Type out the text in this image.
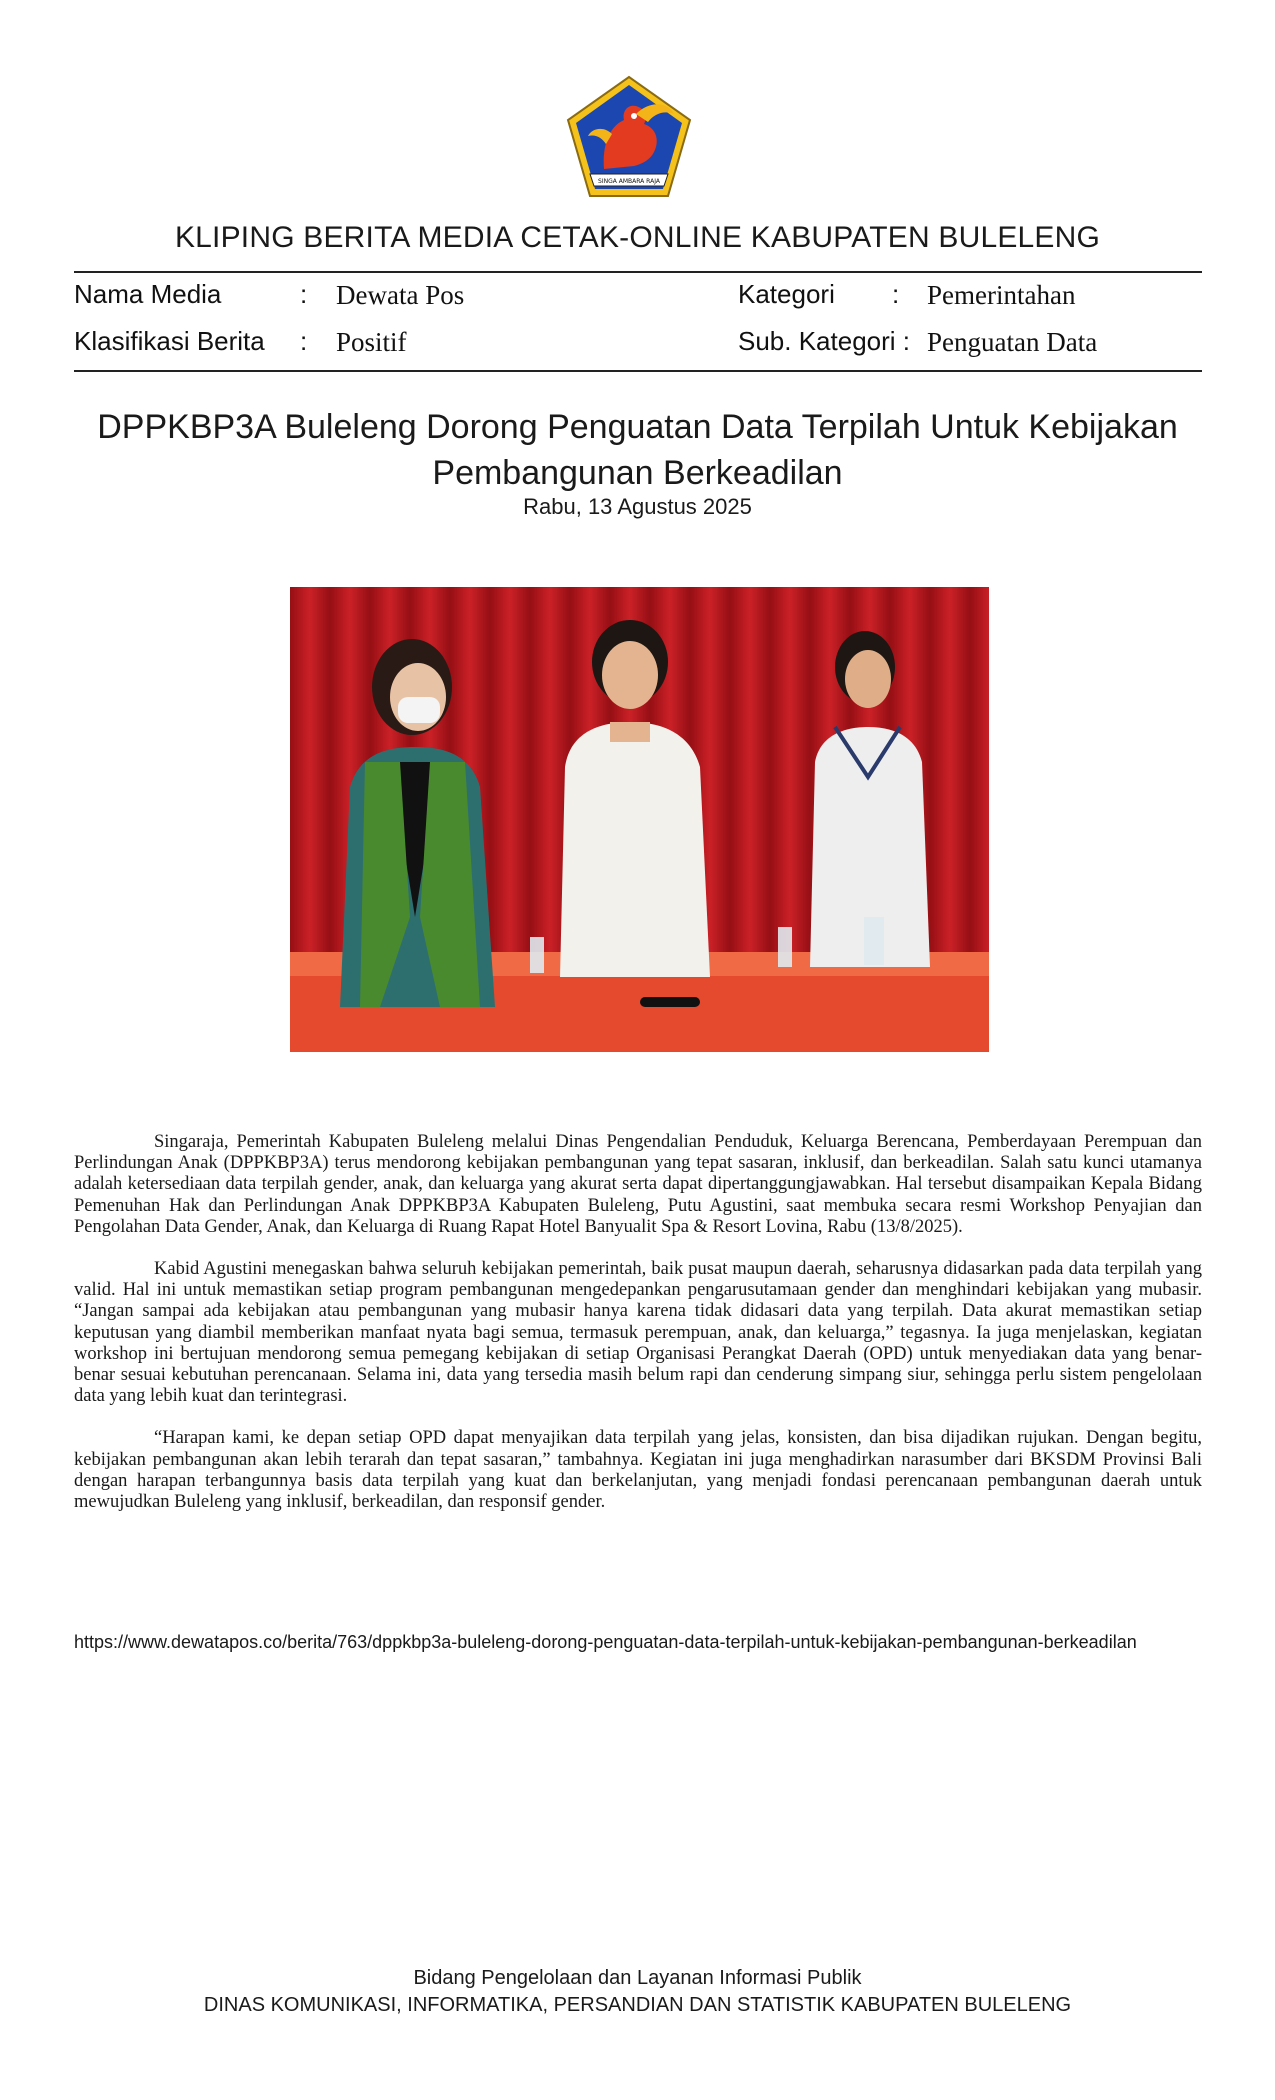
SINGA AMBARA RAJA
KLIPING BERITA MEDIA CETAK-ONLINE KABUPATEN BULELENG
Nama Media	: Dewata Pos	Kategori : Pemerintahan
Klasifikasi Berita : Positif	Sub. Kategori : Penguatan Data
DPPKBP3A Buleleng Dorong Penguatan Data Terpilah Untuk Kebijakan Pembangunan Berkeadilan
Rabu, 13 Agustus 2025

Singaraja, Pemerintah Kabupaten Buleleng melalui Dinas Pengendalian Penduduk, Keluarga Berencana, Pemberdayaan Perempuan dan Perlindungan Anak (DPPKBP3A) terus mendorong kebijakan pembangunan yang tepat sasaran, inklusif, dan berkeadilan. Salah satu kunci utamanya adalah ketersediaan data terpilah gender, anak, dan keluarga yang akurat serta dapat dipertanggungjawabkan. Hal tersebut disampaikan Kepala Bidang Pemenuhan Hak dan Perlindungan Anak DPPKBP3A Kabupaten Buleleng, Putu Agustini, saat membuka secara resmi Workshop Penyajian dan Pengolahan Data Gender, Anak, dan Keluarga di Ruang Rapat Hotel Banyualit Spa & Resort Lovina, Rabu (13/8/2025).

Kabid Agustini menegaskan bahwa seluruh kebijakan pemerintah, baik pusat maupun daerah, seharusnya didasarkan pada data terpilah yang valid. Hal ini untuk memastikan setiap program pembangunan mengedepankan pengarusutamaan gender dan menghindari kebijakan yang mubasir. “Jangan sampai ada kebijakan atau pembangunan yang mubasir hanya karena tidak didasari data yang terpilah. Data akurat memastikan setiap keputusan yang diambil memberikan manfaat nyata bagi semua, termasuk perempuan, anak, dan keluarga,” tegasnya. Ia juga menjelaskan, kegiatan workshop ini bertujuan mendorong semua pemegang kebijakan di setiap Organisasi Perangkat Daerah (OPD) untuk menyediakan data yang benar-benar sesuai kebutuhan perencanaan. Selama ini, data yang tersedia masih belum rapi dan cenderung simpang siur, sehingga perlu sistem pengelolaan data yang lebih kuat dan terintegrasi.

“Harapan kami, ke depan setiap OPD dapat menyajikan data terpilah yang jelas, konsisten, dan bisa dijadikan rujukan. Dengan begitu, kebijakan pembangunan akan lebih terarah dan tepat sasaran,” tambahnya. Kegiatan ini juga menghadirkan narasumber dari BKSDM Provinsi Bali dengan harapan terbangunnya basis data terpilah yang kuat dan berkelanjutan, yang menjadi fondasi perencanaan pembangunan daerah untuk mewujudkan Buleleng yang inklusif, berkeadilan, dan responsif gender.

https://www.dewatapos.co/berita/763/dppkbp3a-buleleng-dorong-penguatan-data-terpilah-untuk-kebijakan-pembangunan-berkeadilan
Bidang Pengelolaan dan Layanan Informasi Publik
DINAS KOMUNIKASI, INFORMATIKA, PERSANDIAN DAN STATISTIK KABUPATEN BULELENG
